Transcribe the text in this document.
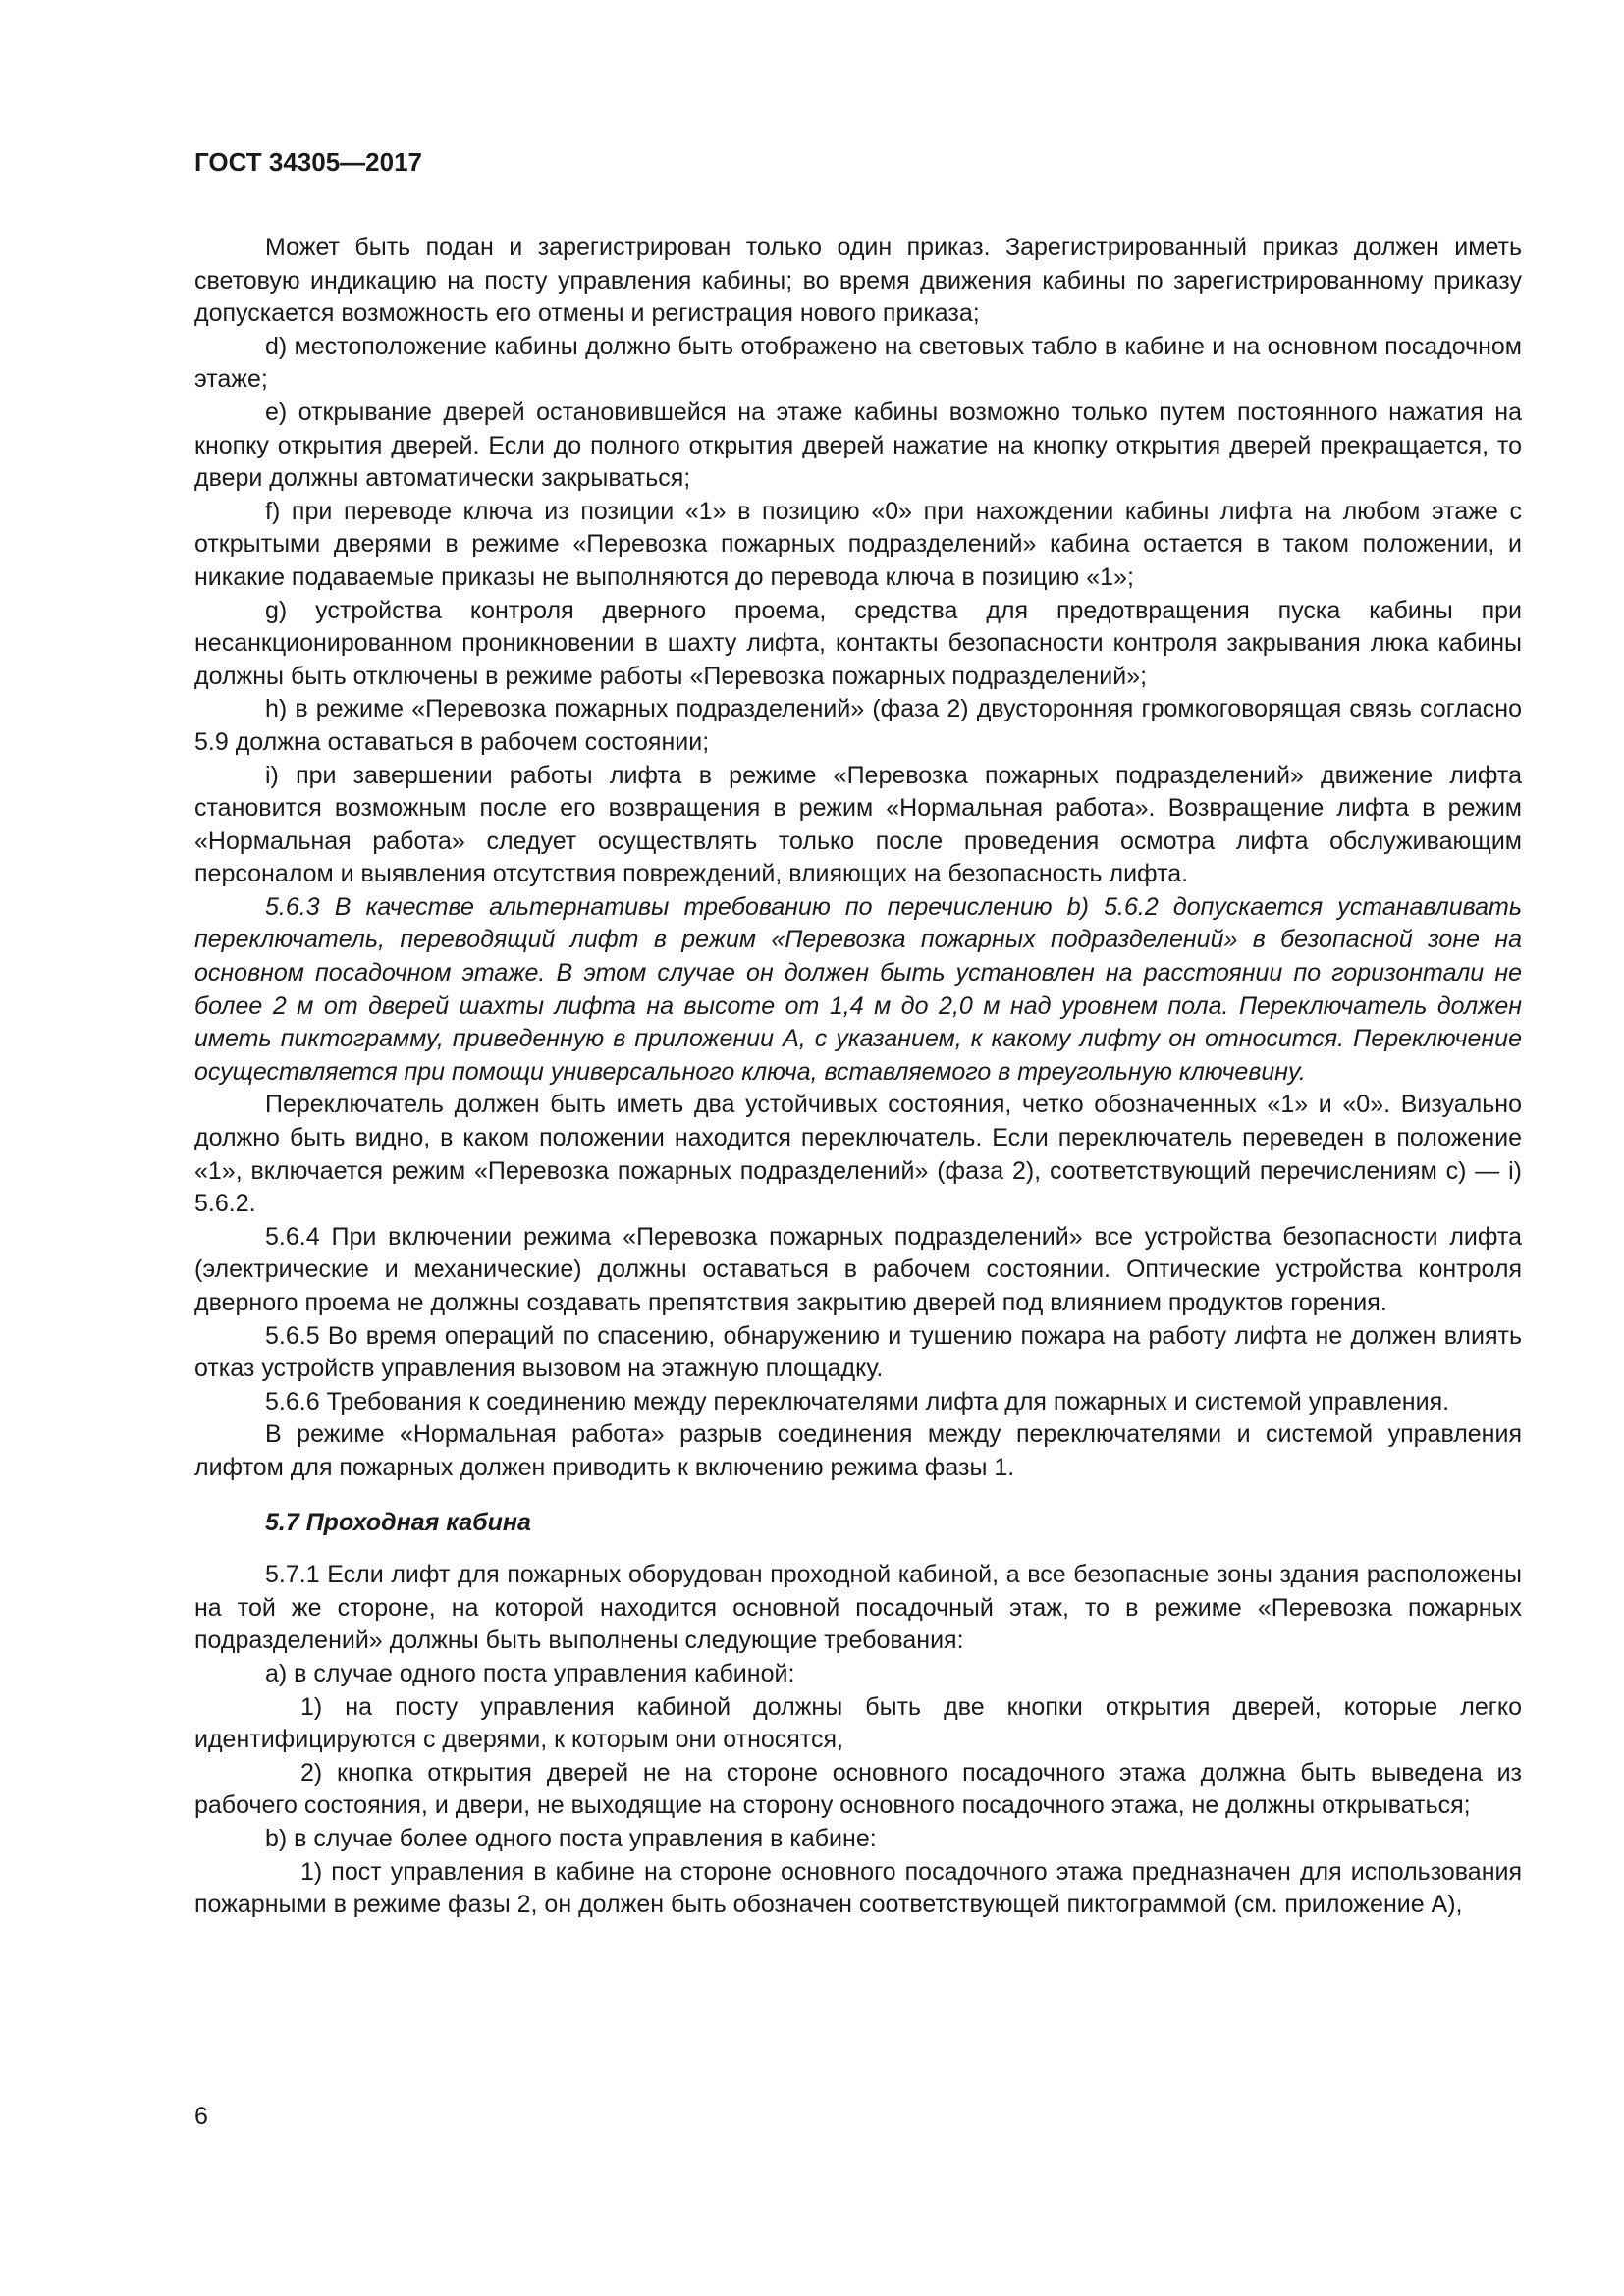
ГОСТ 34305—2017

Может быть подан и зарегистрирован только один приказ. Зарегистрированный приказ должен иметь световую индикацию на посту управления кабины; во время движения кабины по зарегистрированному приказу допускается возможность его отмены и регистрация нового приказа;

d) местоположение кабины должно быть отображено на световых табло в кабине и на основном посадочном этаже;

е) открывание дверей остановившейся на этаже кабины возможно только путем постоянного нажатия на кнопку открытия дверей. Если до полного открытия дверей нажатие на кнопку открытия дверей прекращается, то двери должны автоматически закрываться;

f) при переводе ключа из позиции «1» в позицию «0» при нахождении кабины лифта на любом этаже с открытыми дверями в режиме «Перевозка пожарных подразделений» кабина остается в таком положении, и никакие подаваемые приказы не выполняются до перевода ключа в позицию «1»;

g) устройства контроля дверного проема, средства для предотвращения пуска кабины при несанкционированном проникновении в шахту лифта, контакты безопасности контроля закрывания люка кабины должны быть отключены в режиме работы «Перевозка пожарных подразделений»;

h) в режиме «Перевозка пожарных подразделений» (фаза 2) двусторонняя громкоговорящая связь согласно 5.9 должна оставаться в рабочем состоянии;

i) при завершении работы лифта в режиме «Перевозка пожарных подразделений» движение лифта становится возможным после его возвращения в режим «Нормальная работа». Возвращение лифта в режим «Нормальная работа» следует осуществлять только после проведения осмотра лифта обслуживающим персоналом и выявления отсутствия повреждений, влияющих на безопасность лифта.

5.6.3 В качестве альтернативы требованию по перечислению b) 5.6.2 допускается устанавливать переключатель, переводящий лифт в режим «Перевозка пожарных подразделений» в безопасной зоне на основном посадочном этаже. В этом случае он должен быть установлен на расстоянии по горизонтали не более 2 м от дверей шахты лифта на высоте от 1,4 м до 2,0 м над уровнем пола. Переключатель должен иметь пиктограмму, приведенную в приложении А, с указанием, к какому лифту он относится. Переключение осуществляется при помощи универсального ключа, вставляемого в треугольную ключевину.

Переключатель должен быть иметь два устойчивых состояния, четко обозначенных «1» и «0». Визуально должно быть видно, в каком положении находится переключатель. Если переключатель переведен в положение «1», включается режим «Перевозка пожарных подразделений» (фаза 2), соответствующий перечислениям с) — i) 5.6.2.

5.6.4 При включении режима «Перевозка пожарных подразделений» все устройства безопасности лифта (электрические и механические) должны оставаться в рабочем состоянии. Оптические устройства контроля дверного проема не должны создавать препятствия закрытию дверей под влиянием продуктов горения.

5.6.5 Во время операций по спасению, обнаружению и тушению пожара на работу лифта не должен влиять отказ устройств управления вызовом на этажную площадку.

5.6.6 Требования к соединению между переключателями лифта для пожарных и системой управления.

В режиме «Нормальная работа» разрыв соединения между переключателями и системой управления лифтом для пожарных должен приводить к включению режима фазы 1.

5.7 Проходная кабина

5.7.1 Если лифт для пожарных оборудован проходной кабиной, а все безопасные зоны здания расположены на той же стороне, на которой находится основной посадочный этаж, то в режиме «Перевозка пожарных подразделений» должны быть выполнены следующие требования:

а) в случае одного поста управления кабиной:

1) на посту управления кабиной должны быть две кнопки открытия дверей, которые легко идентифицируются с дверями, к которым они относятся,

2) кнопка открытия дверей не на стороне основного посадочного этажа должна быть выведена из рабочего состояния, и двери, не выходящие на сторону основного посадочного этажа, не должны открываться;

b) в случае более одного поста управления в кабине:

1) пост управления в кабине на стороне основного посадочного этажа предназначен для использования пожарными в режиме фазы 2, он должен быть обозначен соответствующей пиктограммой (см. приложение А),

6
